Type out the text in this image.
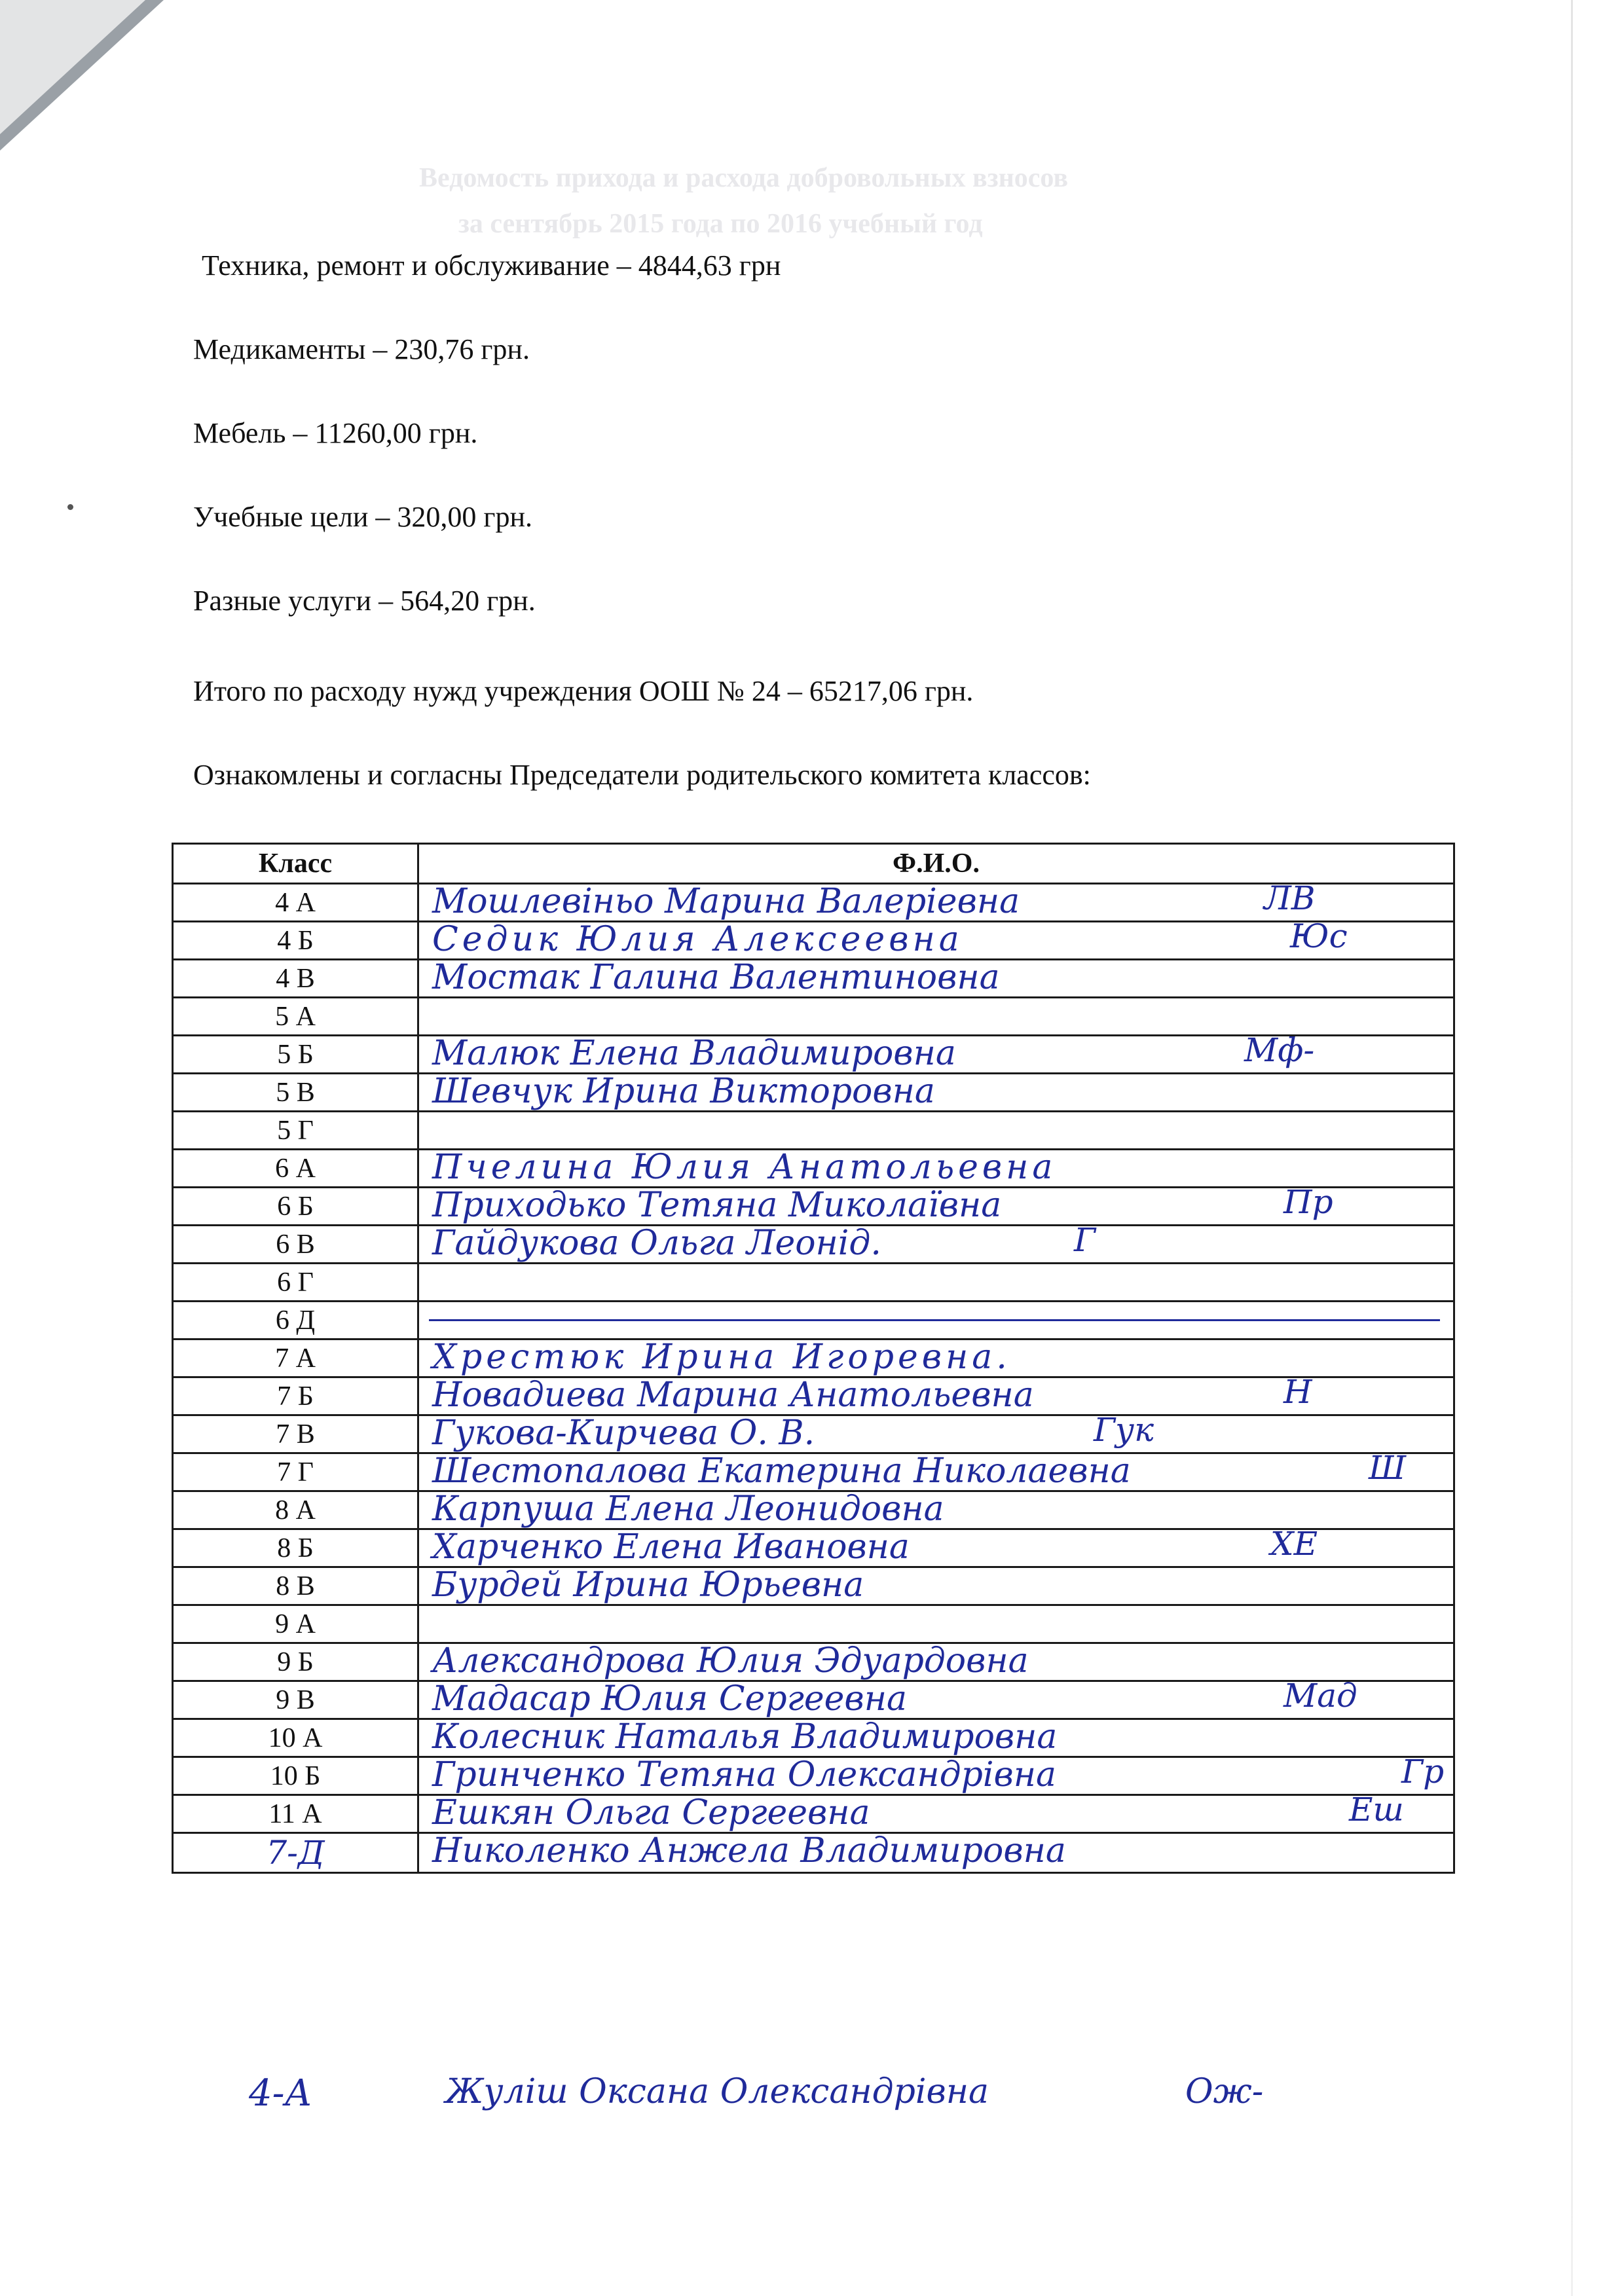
Ведомость прихода и расхода добровольных взносов
за сентябрь 2015 года по 2016 учебный год
Техника, ремонт и обслуживание – 4844,63 грн
Медикаменты – 230,76 грн.
Мебель – 11260,00 грн.
Учебные цели – 320,00 грн.
Разные услуги – 564,20 грн.
Итого по расходу нужд учреждения ООШ № 24 – 65217,06 грн.
Ознакомлены и согласны Председатели родительского комитета классов:
Класс	Ф.И.О.
4 А	Мошлевіньо Марина Валеріевна ЛВ

4 Б	Седик Юлия Алексеевна Юс

4 В	Мостак Галина Валентиновна

5 А	
5 Б	Малюк Елена Владимировна Мф-

5 В	Шевчук Ирина Викторовна

5 Г	
6 А	Пчелина Юлия Анатольевна

6 Б	Приходько Тетяна Миколаївна Пр

6 В	Гайдукова Ольга Леонід. Г

6 Г	
6 Д	

7 А	Хрестюк Ирина Игоревна.

7 Б	Новадиева Марина Анатольевна Н

7 В	Гукова-Кирчева О. В. Гук

7 Г	Шестопалова Екатерина Николаевна Ш

8 А	Карпуша Елена Леонидовна

8 Б	Харченко Елена Ивановна ХЕ

8 В	Бурдей Ирина Юрьевна

9 А	
9 Б	Александрова Юлия Эдуардовна

9 В	Мадасар Юлия Сергеевна Мад

10 А	Колесник Наталья Владимировна

10 Б	Гринченко Тетяна Олександрівна Гр

11 А	Ешкян Ольга Сергеевна Еш

7-Д	Николенко Анжела Владимировна
4-А	Жуліш Оксана Олександрівна	Ож-
